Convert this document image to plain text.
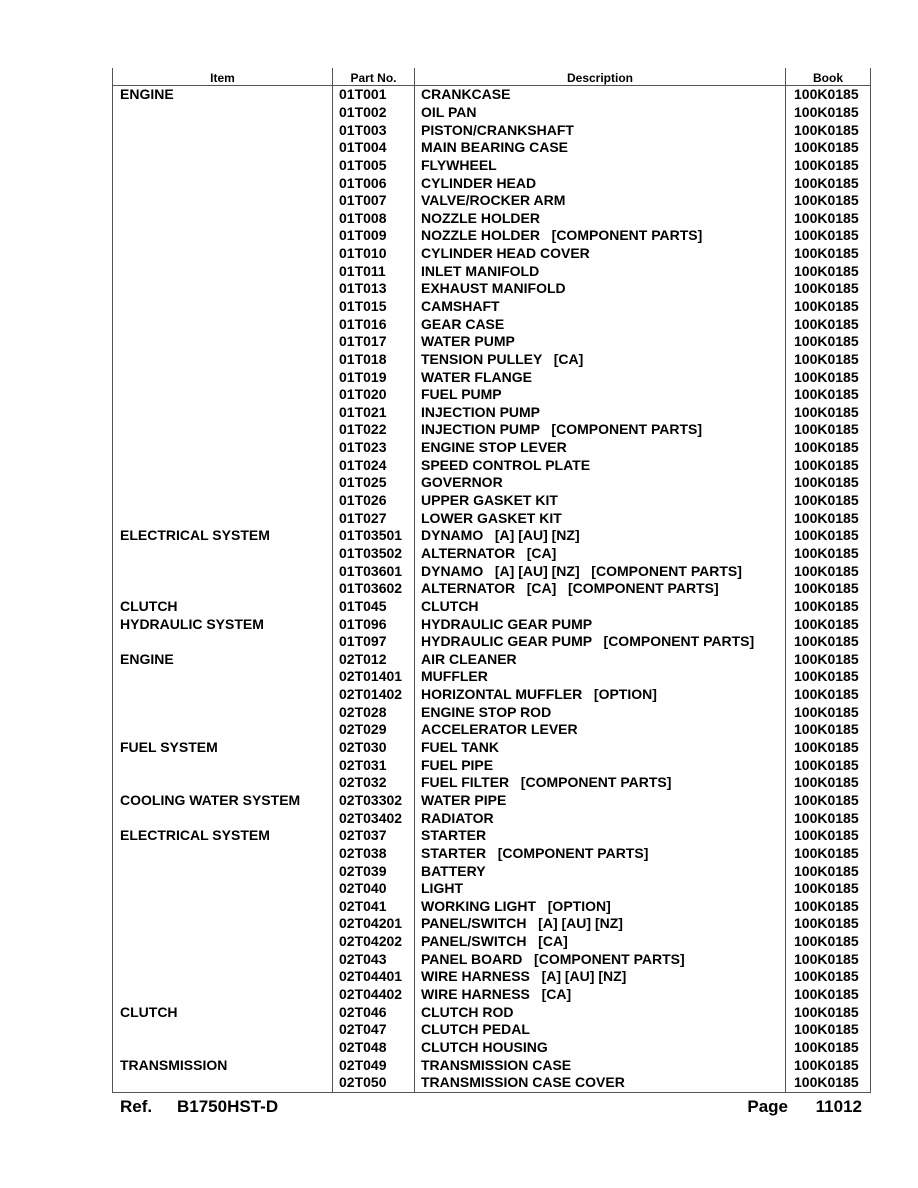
Item	Part No.	Description	Book
ENGINE	01T001	CRANKCASE	100K0185
	01T002	OIL PAN	100K0185
	01T003	PISTON/CRANKSHAFT	100K0185
	01T004	MAIN BEARING CASE	100K0185
	01T005	FLYWHEEL	100K0185
	01T006	CYLINDER HEAD	100K0185
	01T007	VALVE/ROCKER ARM	100K0185
	01T008	NOZZLE HOLDER	100K0185
	01T009	NOZZLE HOLDER   [COMPONENT PARTS]	100K0185
	01T010	CYLINDER HEAD COVER	100K0185
	01T011	INLET MANIFOLD	100K0185
	01T013	EXHAUST MANIFOLD	100K0185
	01T015	CAMSHAFT	100K0185
	01T016	GEAR CASE	100K0185
	01T017	WATER PUMP	100K0185
	01T018	TENSION PULLEY   [CA]	100K0185
	01T019	WATER FLANGE	100K0185
	01T020	FUEL PUMP	100K0185
	01T021	INJECTION PUMP	100K0185
	01T022	INJECTION PUMP   [COMPONENT PARTS]	100K0185
	01T023	ENGINE STOP LEVER	100K0185
	01T024	SPEED CONTROL PLATE	100K0185
	01T025	GOVERNOR	100K0185
	01T026	UPPER GASKET KIT	100K0185
	01T027	LOWER GASKET KIT	100K0185
ELECTRICAL SYSTEM	01T03501	DYNAMO   [A] [AU] [NZ]	100K0185
	01T03502	ALTERNATOR   [CA]	100K0185
	01T03601	DYNAMO   [A] [AU] [NZ]   [COMPONENT PARTS]	100K0185
	01T03602	ALTERNATOR   [CA]   [COMPONENT PARTS]	100K0185
CLUTCH	01T045	CLUTCH	100K0185
HYDRAULIC SYSTEM	01T096	HYDRAULIC GEAR PUMP	100K0185
	01T097	HYDRAULIC GEAR PUMP   [COMPONENT PARTS]	100K0185
ENGINE	02T012	AIR CLEANER	100K0185
	02T01401	MUFFLER	100K0185
	02T01402	HORIZONTAL MUFFLER   [OPTION]	100K0185
	02T028	ENGINE STOP ROD	100K0185
	02T029	ACCELERATOR LEVER	100K0185
FUEL SYSTEM	02T030	FUEL TANK	100K0185
	02T031	FUEL PIPE	100K0185
	02T032	FUEL FILTER   [COMPONENT PARTS]	100K0185
COOLING WATER SYSTEM	02T03302	WATER PIPE	100K0185
	02T03402	RADIATOR	100K0185
ELECTRICAL SYSTEM	02T037	STARTER	100K0185
	02T038	STARTER   [COMPONENT PARTS]	100K0185
	02T039	BATTERY	100K0185
	02T040	LIGHT	100K0185
	02T041	WORKING LIGHT   [OPTION]	100K0185
	02T04201	PANEL/SWITCH   [A] [AU] [NZ]	100K0185
	02T04202	PANEL/SWITCH   [CA]	100K0185
	02T043	PANEL BOARD   [COMPONENT PARTS]	100K0185
	02T04401	WIRE HARNESS   [A] [AU] [NZ]	100K0185
	02T04402	WIRE HARNESS   [CA]	100K0185
CLUTCH	02T046	CLUTCH ROD	100K0185
	02T047	CLUTCH PEDAL	100K0185
	02T048	CLUTCH HOUSING	100K0185
TRANSMISSION	02T049	TRANSMISSION CASE	100K0185
	02T050	TRANSMISSION CASE COVER	100K0185
Ref. B1750HST-D	Page 11012
